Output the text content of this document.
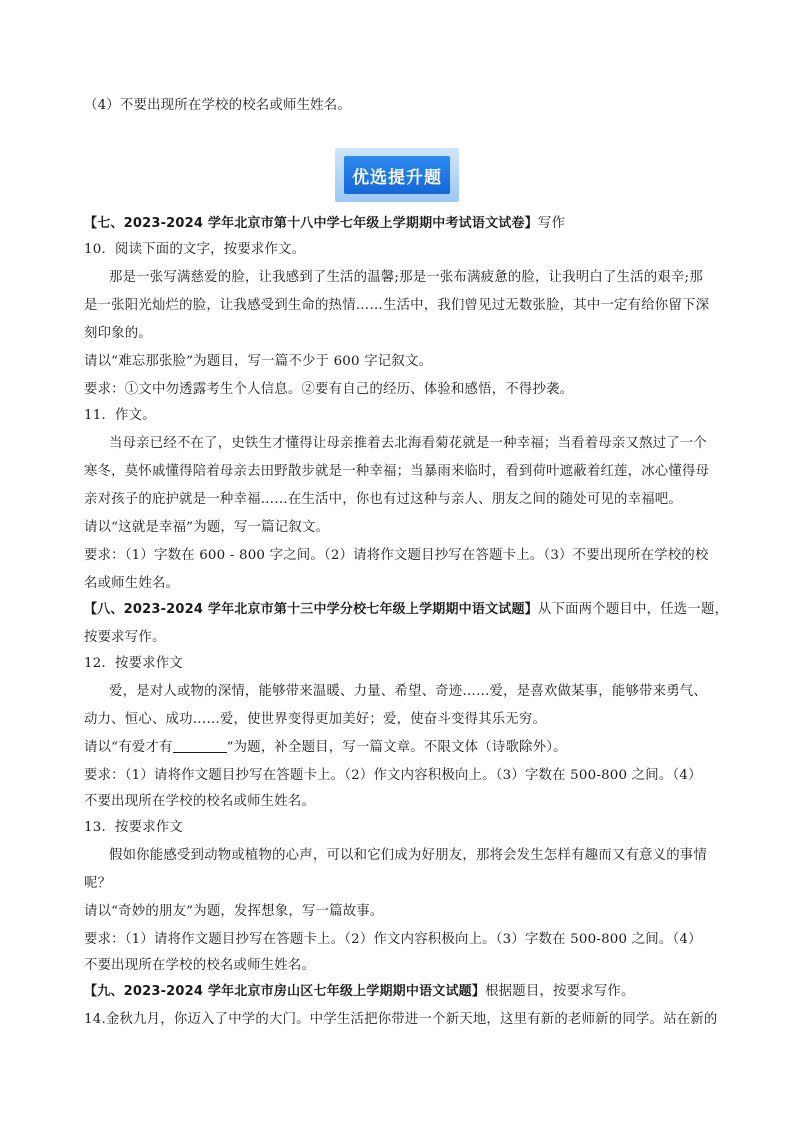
（4）不要出现所在学校的校名或师生姓名。
优选提升题
【七、2023-2024 学年北京市第十八中学七年级上学期期中考试语文试卷】写作
10．阅读下面的文字，按要求作文。
那是一张写满慈爱的脸，让我感到了生活的温馨;那是一张布满疲惫的脸，让我明白了生活的艰辛;那
是一张阳光灿烂的脸，让我感受到生命的热情……生活中，我们曾见过无数张脸，其中一定有给你留下深
刻印象的。
请以“难忘那张脸”为题目，写一篇不少于 600 字记叙文。
要求：①文中勿透露考生个人信息。②要有自己的经历、体验和感悟，不得抄袭。
11．作文。
当母亲已经不在了，史铁生才懂得让母亲推着去北海看菊花就是一种幸福；当看着母亲又熬过了一个
寒冬，莫怀戚懂得陪着母亲去田野散步就是一种幸福；当暴雨来临时，看到荷叶遮蔽着红莲，冰心懂得母
亲对孩子的庇护就是一种幸福……在生活中，你也有过这种与亲人、朋友之间的随处可见的幸福吧。
请以“这就是幸福”为题，写一篇记叙文。
要求：（1）字数在 600 - 800 字之间。（2）请将作文题目抄写在答题卡上。（3）不要出现所在学校的校
名或师生姓名。
【八、2023-2024 学年北京市第十三中学分校七年级上学期期中语文试题】从下面两个题目中，任选一题，
按要求写作。
12．按要求作文
爱，是对人或物的深情，能够带来温暖、力量、希望、奇迹……爱，是喜欢做某事，能够带来勇气、
动力、恒心、成功……爱，使世界变得更加美好；爱，使奋斗变得其乐无穷。
请以“有爱才有	”为题，补全题目，写一篇文章。不限文体（诗歌除外）。
要求：（1）请将作文题目抄写在答题卡上。（2）作文内容积极向上。（3）字数在 500-800 之间。（4）
不要出现所在学校的校名或师生姓名。
13．按要求作文
假如你能感受到动物或植物的心声，可以和它们成为好朋友，那将会发生怎样有趣而又有意义的事情
呢？
请以“奇妙的朋友”为题，发挥想象，写一篇故事。
要求：（1）请将作文题目抄写在答题卡上。（2）作文内容积极向上。（3）字数在 500-800 之间。（4）
不要出现所在学校的校名或师生姓名。
【九、2023-2024 学年北京市房山区七年级上学期期中语文试题】根据题目，按要求写作。
14.金秋九月，你迈入了中学的大门。中学生活把你带进一个新天地，这里有新的老师新的同学。站在新的
